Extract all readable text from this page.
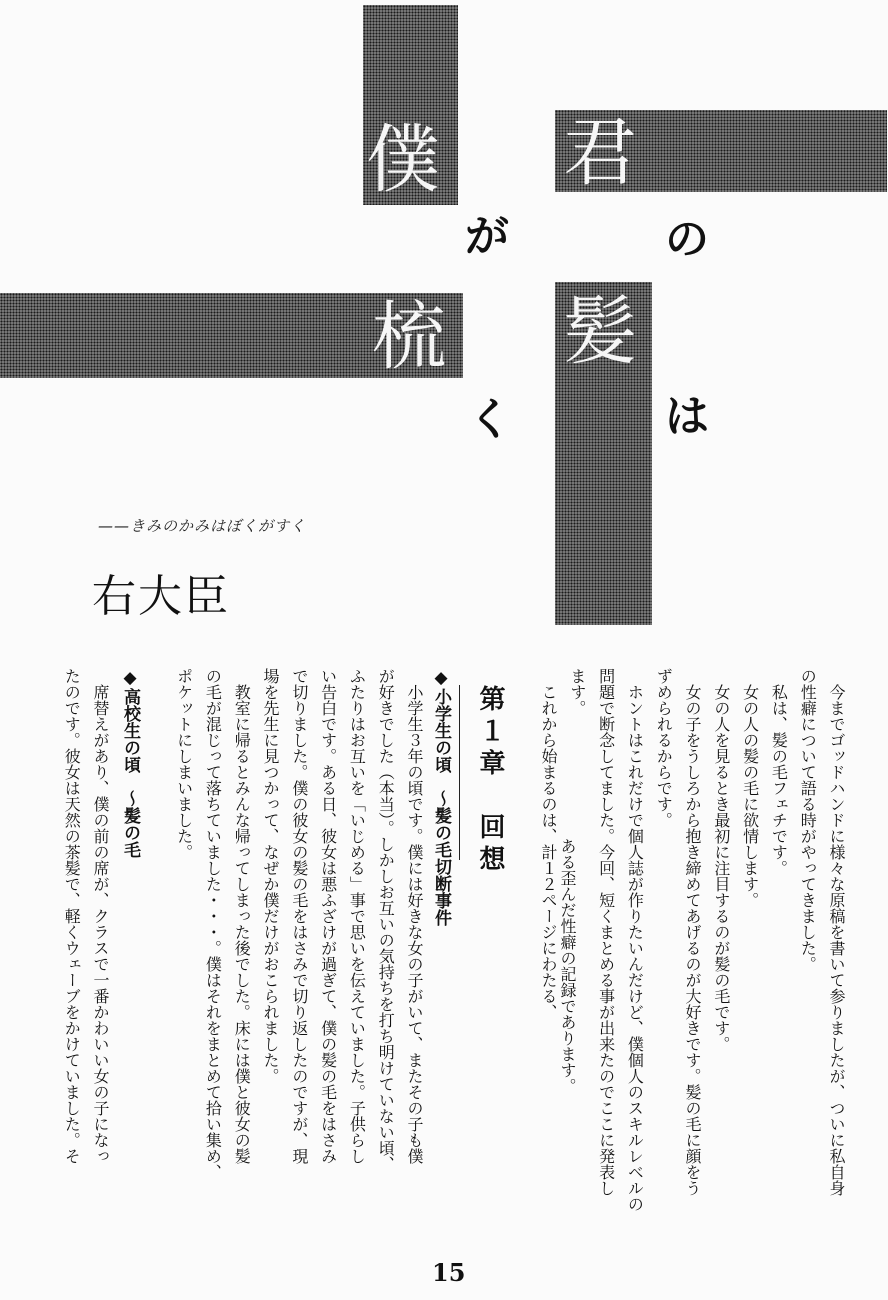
僕 君
梳 髪
が	の
く	は
——きみのかみはぼくがすく
右大臣
　今までゴッドハンドに様々な原稿を書いて参りましたが、ついに私自身
の性癖について語る時がやってきました。
　私は、髪の毛フェチです。
　女の人の髪の毛に欲情します。
　女の人を見るとき最初に注目するのが髪の毛です。
　女の子をうしろから抱き締めてあげるのが大好きです。髪の毛に顔をう
ずめられるからです。
　ホントはこれだけで個人誌が作りたいんだけど、僕個人のスキルレベルの
問題で断念してました。今回、短くまとめる事が出来たのでここに発表し
ます。
　これから始まるのは、計１２ページにわたる、 ある歪んだ性癖の記録であります。
第１章　回想
◆小学生の頃　〜髪の毛切断事件
　小学生３年の頃です。僕には好きな女の子がいて、またその子も僕
が好きでした（本当）。しかしお互いの気持ちを打ち明けていない頃、
ふたりはお互いを「いじめる」事で思いを伝えていました。子供らし
い告白です。ある日、彼女は悪ふざけが過ぎて、僕の髪の毛をはさみ
で切りました。僕の彼女の髪の毛をはさみで切り返したのですが、現
場を先生に見つかって、なぜか僕だけがおこられました。
　教室に帰るとみんな帰ってしまった後でした。床には僕と彼女の髪
の毛が混じって落ちていました・・・。僕はそれをまとめて拾い集め、
ポケットにしまいました。
◆高校生の頃　〜髪の毛
　席替えがあり、僕の前の席が、クラスで一番かわいい女の子になっ
たのです。彼女は天然の茶髪で、軽くウェーブをかけていました。そ
15
